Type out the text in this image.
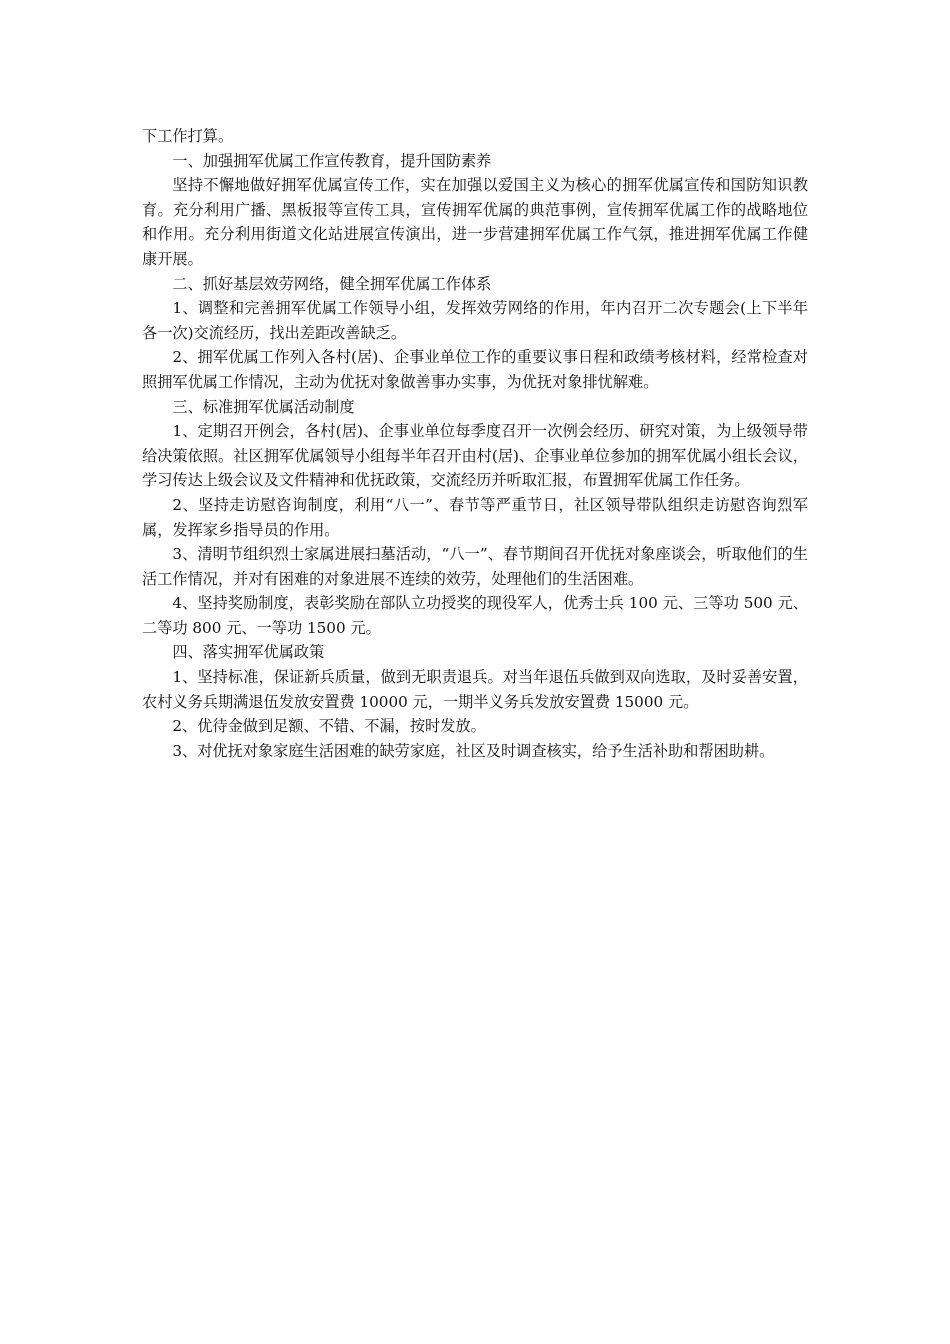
下工作打算。

一、加强拥军优属工作宣传教育，提升国防素养

坚持不懈地做好拥军优属宣传工作，实在加强以爱国主义为核心的拥军优属宣传和国防知识教育。充分利用广播、黑板报等宣传工具，宣传拥军优属的典范事例，宣传拥军优属工作的战略地位和作用。充分利用街道文化站进展宣传演出，进一步营建拥军优属工作气氛，推进拥军优属工作健康开展。

二、抓好基层效劳网络，健全拥军优属工作体系

1、调整和完善拥军优属工作领导小组，发挥效劳网络的作用，年内召开二次专题会(上下半年各一次)交流经历，找出差距改善缺乏。

2、拥军优属工作列入各村(居)、企事业单位工作的重要议事日程和政绩考核材料，经常检查对照拥军优属工作情况，主动为优抚对象做善事办实事，为优抚对象排忧解难。

三、标准拥军优属活动制度

1、定期召开例会，各村(居)、企事业单位每季度召开一次例会经历、研究对策，为上级领导带给决策依照。社区拥军优属领导小组每半年召开由村(居)、企事业单位参加的拥军优属小组长会议，学习传达上级会议及文件精神和优抚政策，交流经历并听取汇报，布置拥军优属工作任务。

2、坚持走访慰咨询制度，利用“八一”、春节等严重节日，社区领导带队组织走访慰咨询烈军属，发挥家乡指导员的作用。

3、清明节组织烈士家属进展扫墓活动，“八一”、春节期间召开优抚对象座谈会，听取他们的生活工作情况，并对有困难的对象进展不连续的效劳，处理他们的生活困难。

4、坚持奖励制度，表彰奖励在部队立功授奖的现役军人，优秀士兵 100 元、三等功 500 元、二等功 800 元、一等功 1500 元。

四、落实拥军优属政策

1、坚持标准，保证新兵质量，做到无职责退兵。对当年退伍兵做到双向选取，及时妥善安置，农村义务兵期满退伍发放安置费 10000 元，一期半义务兵发放安置费 15000 元。

2、优待金做到足额、不错、不漏，按时发放。

3、对优抚对象家庭生活困难的缺劳家庭，社区及时调查核实，给予生活补助和帮困助耕。
